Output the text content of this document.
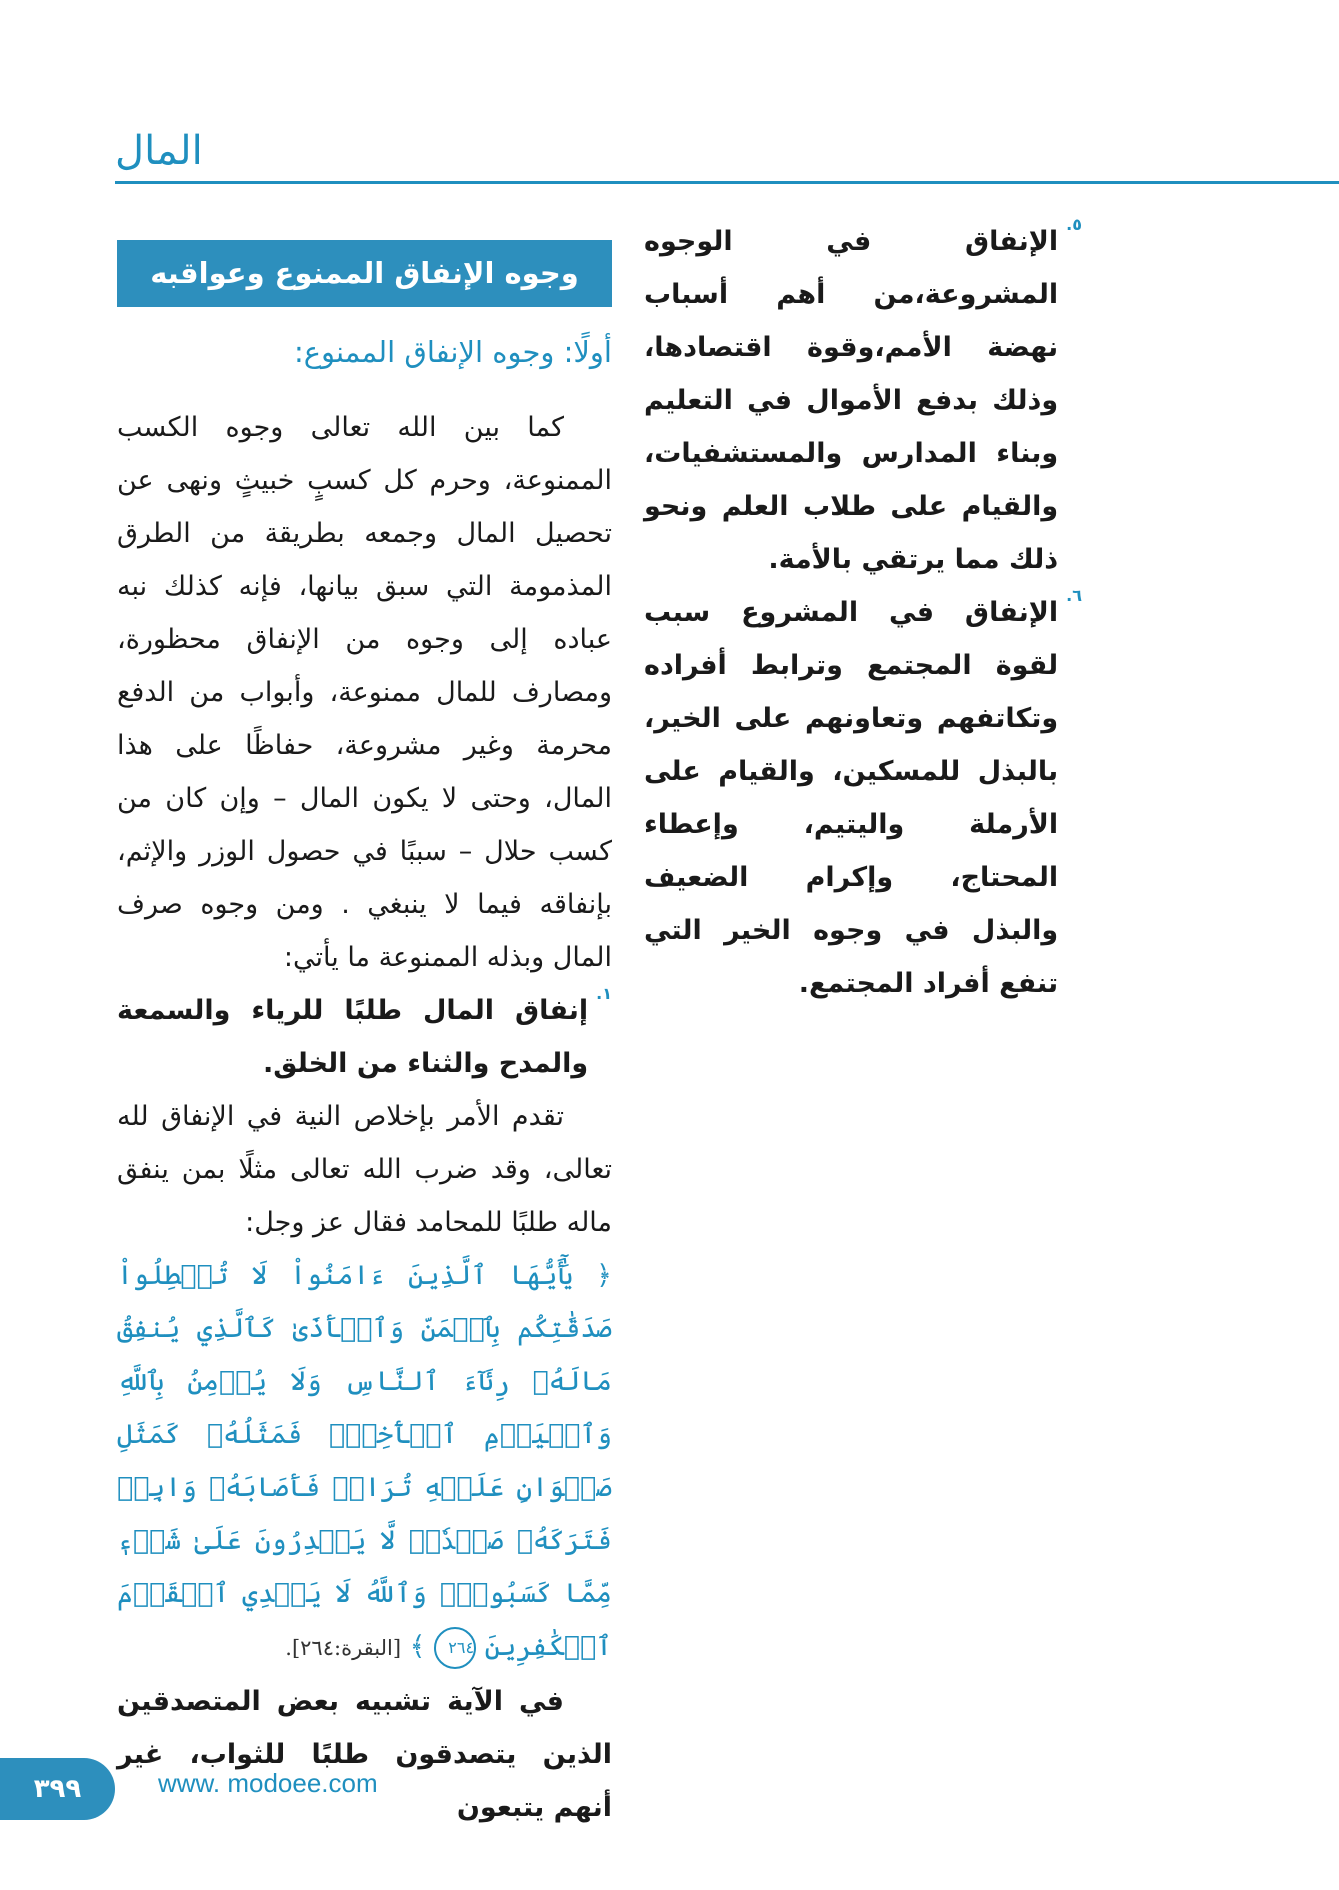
المال
٥.

الإنفاق في الوجوه المشروعة،من أهم أسباب نهضة الأمم،وقوة اقتصادها، وذلك بدفع الأموال في التعليم وبناء المدارس والمستشفيات، والقيام على طلاب العلم ونحو ذلك مما يرتقي بالأمة.

٦.

الإنفاق في المشروع سبب لقوة المجتمع وترابط أفراده وتكاتفهم وتعاونهم على الخير، بالبذل للمسكين، والقيام على الأرملة واليتيم، وإعطاء المحتاج، وإكرام الضعيف والبذل في وجوه الخير التي تنفع أفراد المجتمع.

وجوه الإنفاق الممنوع وعواقبه
أولًا: وجوه الإنفاق الممنوع:

كما بين الله تعالى وجوه الكسب الممنوعة، وحرم كل كسبٍ خبيثٍ ونهى عن تحصيل المال وجمعه بطريقة من الطرق المذمومة التي سبق بيانها، فإنه كذلك نبه عباده إلى وجوه من الإنفاق محظورة، ومصارف للمال ممنوعة، وأبواب من الدفع محرمة وغير مشروعة، حفاظًا على هذا المال، وحتى لا يكون المال – وإن كان من كسب حلال – سببًا في حصول الوزر والإثم، بإنفاقه فيما لا ينبغي . ومن وجوه صرف المال وبذله الممنوعة ما يأتي:

١.

إنفاق المال طلبًا للرياء والسمعة والمدح والثناء من الخلق.

تقدم الأمر بإخلاص النية في الإنفاق لله تعالى، وقد ضرب الله تعالى مثلًا بمن ينفق ماله طلبًا للمحامد فقال عز وجل:

﴿ يَٰٓأَيُّهَا ٱلَّذِينَ ءَامَنُواْ لَا تُبۡطِلُواْ صَدَقَٰتِكُم بِٱلۡمَنِّ وَٱلۡأَذَىٰ كَٱلَّذِي يُنفِقُ مَالَهُۥ رِئَآءَ ٱلنَّاسِ وَلَا يُؤۡمِنُ بِٱللَّهِ وَٱلۡيَوۡمِ ٱلۡأٓخِرِۖ فَمَثَلُهُۥ كَمَثَلِ صَفۡوَانٍ عَلَيۡهِ تُرَابٞ فَأَصَابَهُۥ وَابِلٞ فَتَرَكَهُۥ صَلۡدٗاۖ لَّا يَقۡدِرُونَ عَلَىٰ شَيۡءٖ مِّمَّا كَسَبُواْۗ وَٱللَّهُ لَا يَهۡدِي ٱلۡقَوۡمَ ٱلۡكَٰفِرِينَ ٢٦٤ ﴾ [البقرة:٢٦٤].

في الآية تشبيه بعض المتصدقين الذين يتصدقون طلبًا للثواب، غير أنهم يتبعون

٣٩٩	www. modoee.com
